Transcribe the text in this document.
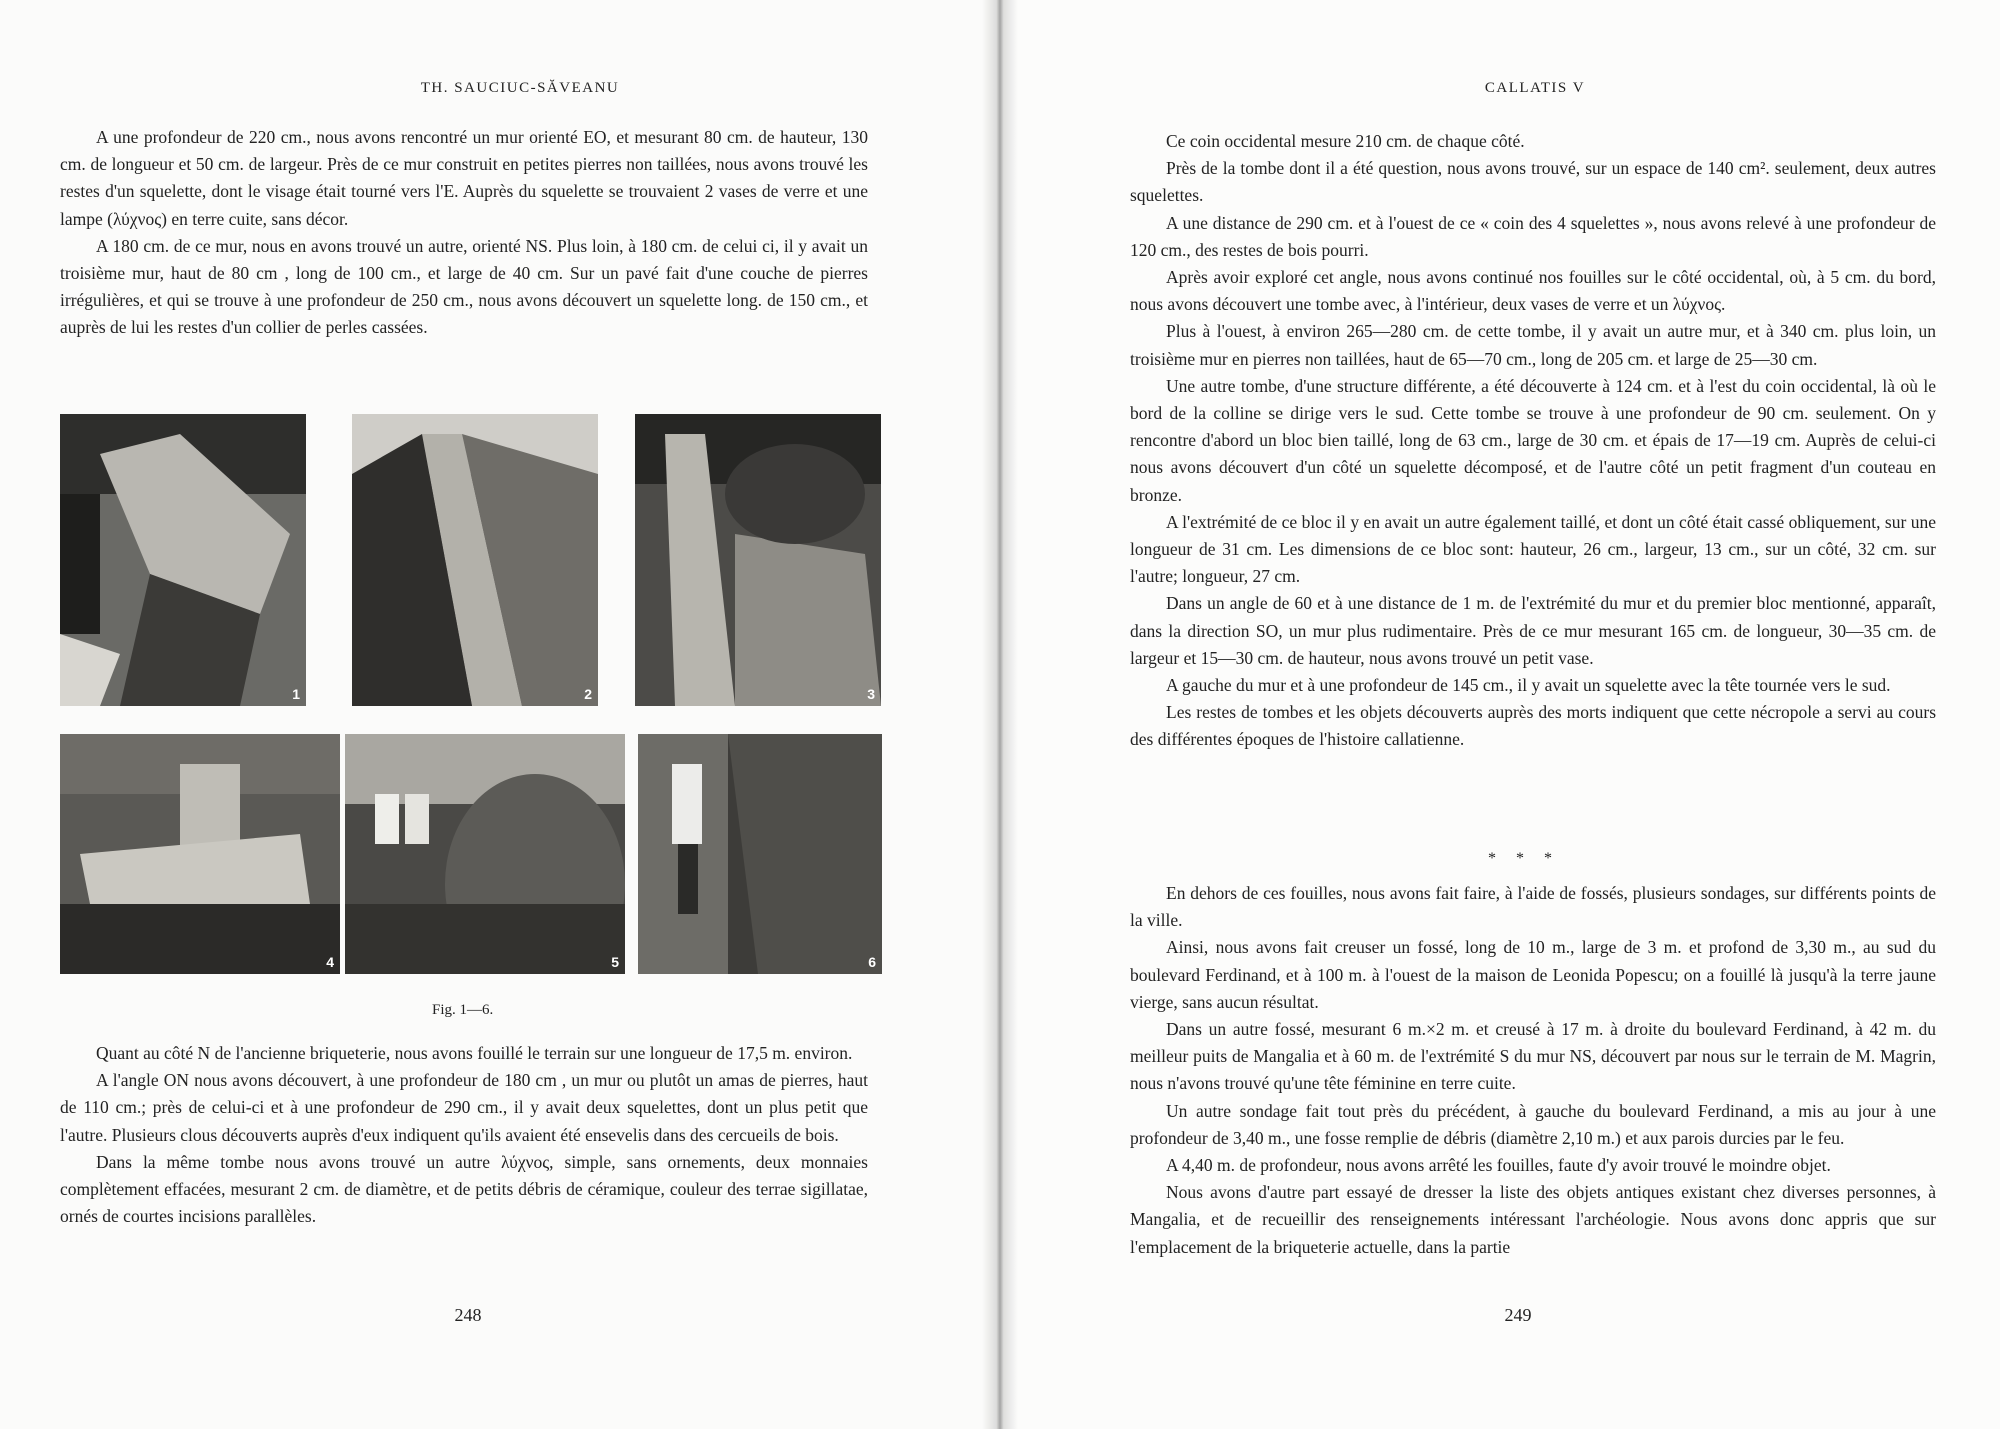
TH. SAUCIUC-SĂVEANU

A une profondeur de 220 cm., nous avons rencontré un mur orienté EO, et mesurant 80 cm. de hauteur, 130 cm. de longueur et 50 cm. de largeur. Près de ce mur construit en petites pierres non taillées, nous avons trouvé les restes d'un squelette, dont le visage était tourné vers l'E. Auprès du squelette se trouvaient 2 vases de verre et une lampe (λύχνος) en terre cuite, sans décor.

A 180 cm. de ce mur, nous en avons trouvé un autre, orienté NS. Plus loin, à 180 cm. de celui ci, il y avait un troisième mur, haut de 80 cm , long de 100 cm., et large de 40 cm. Sur un pavé fait d'une couche de pierres irrégulières, et qui se trouve à une profondeur de 250 cm., nous avons découvert un squelette long. de 150 cm., et auprès de lui les restes d'un collier de perles cassées.

1	2	3
4	5	6
Fig. 1—6.

Quant au côté N de l'ancienne briqueterie, nous avons fouillé le terrain sur une longueur de 17,5 m. environ.

A l'angle ON nous avons découvert, à une profondeur de 180 cm , un mur ou plutôt un amas de pierres, haut de 110 cm.; près de celui-ci et à une profondeur de 290 cm., il y avait deux squelettes, dont un plus petit que l'autre. Plusieurs clous découverts auprès d'eux indiquent qu'ils avaient été ensevelis dans des cercueils de bois.

Dans la même tombe nous avons trouvé un autre λύχνος, simple, sans ornements, deux monnaies complètement effacées, mesurant 2 cm. de diamètre, et de petits débris de céramique, couleur des terrae sigillatae, ornés de courtes incisions parallèles.

248
CALLATIS V

Ce coin occidental mesure 210 cm. de chaque côté.

Près de la tombe dont il a été question, nous avons trouvé, sur un espace de 140 cm². seulement, deux autres squelettes.

A une distance de 290 cm. et à l'ouest de ce « coin des 4 squelettes », nous avons relevé à une profondeur de 120 cm., des restes de bois pourri.

Après avoir exploré cet angle, nous avons continué nos fouilles sur le côté occidental, où, à 5 cm. du bord, nous avons découvert une tombe avec, à l'intérieur, deux vases de verre et un λύχνος.

Plus à l'ouest, à environ 265—280 cm. de cette tombe, il y avait un autre mur, et à 340 cm. plus loin, un troisième mur en pierres non taillées, haut de 65—70 cm., long de 205 cm. et large de 25—30 cm.

Une autre tombe, d'une structure différente, a été découverte à 124 cm. et à l'est du coin occidental, là où le bord de la colline se dirige vers le sud. Cette tombe se trouve à une profondeur de 90 cm. seulement. On y rencontre d'abord un bloc bien taillé, long de 63 cm., large de 30 cm. et épais de 17—19 cm. Auprès de celui-ci nous avons découvert d'un côté un squelette décomposé, et de l'autre côté un petit fragment d'un couteau en bronze.

A l'extrémité de ce bloc il y en avait un autre également taillé, et dont un côté était cassé obliquement, sur une longueur de 31 cm. Les dimensions de ce bloc sont: hauteur, 26 cm., largeur, 13 cm., sur un côté, 32 cm. sur l'autre; longueur, 27 cm.

Dans un angle de 60 et à une distance de 1 m. de l'extrémité du mur et du premier bloc mentionné, apparaît, dans la direction SO, un mur plus rudimentaire. Près de ce mur mesurant 165 cm. de longueur, 30—35 cm. de largeur et 15—30 cm. de hauteur, nous avons trouvé un petit vase.

A gauche du mur et à une profondeur de 145 cm., il y avait un squelette avec la tête tournée vers le sud.

Les restes de tombes et les objets découverts auprès des morts indiquent que cette nécropole a servi au cours des différentes époques de l'histoire callatienne.

* * *

En dehors de ces fouilles, nous avons fait faire, à l'aide de fossés, plusieurs sondages, sur différents points de la ville.

Ainsi, nous avons fait creuser un fossé, long de 10 m., large de 3 m. et profond de 3,30 m., au sud du boulevard Ferdinand, et à 100 m. à l'ouest de la maison de Leonida Popescu; on a fouillé là jusqu'à la terre jaune vierge, sans aucun résultat.

Dans un autre fossé, mesurant 6 m.×2 m. et creusé à 17 m. à droite du boulevard Ferdinand, à 42 m. du meilleur puits de Mangalia et à 60 m. de l'extrémité S du mur NS, découvert par nous sur le terrain de M. Magrin, nous n'avons trouvé qu'une tête féminine en terre cuite.

Un autre sondage fait tout près du précédent, à gauche du boulevard Ferdinand, a mis au jour à une profondeur de 3,40 m., une fosse remplie de débris (diamètre 2,10 m.) et aux parois durcies par le feu.

A 4,40 m. de profondeur, nous avons arrêté les fouilles, faute d'y avoir trouvé le moindre objet.

Nous avons d'autre part essayé de dresser la liste des objets antiques existant chez diverses personnes, à Mangalia, et de recueillir des renseignements intéressant l'archéologie. Nous avons donc appris que sur l'emplacement de la briqueterie actuelle, dans la partie

249
